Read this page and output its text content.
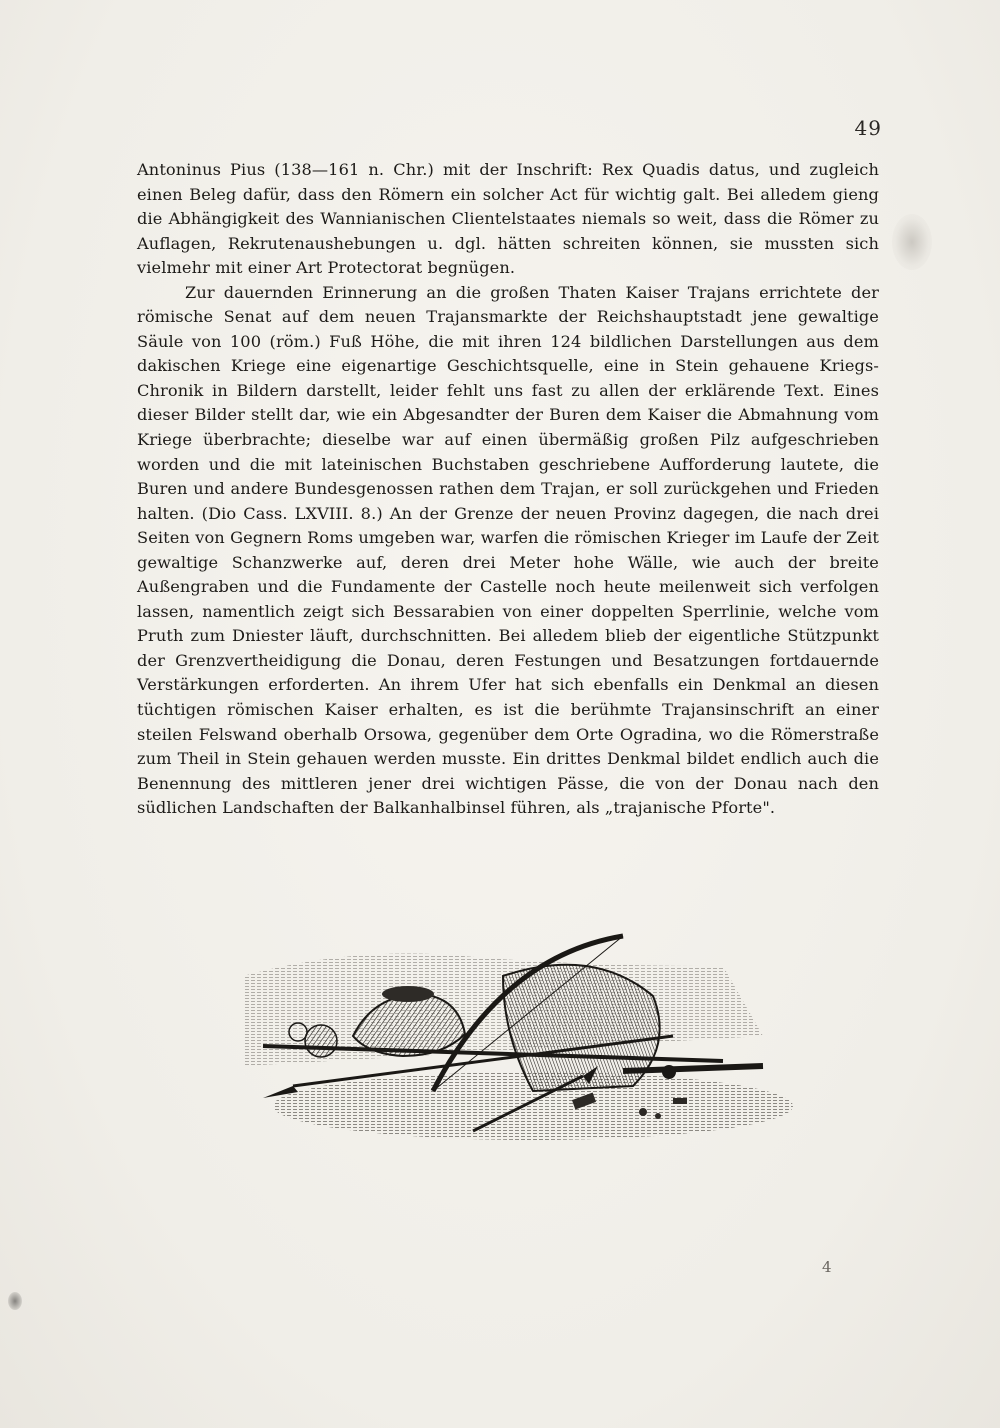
49

Antoninus Pius (138—161 n. Chr.) mit der Inschrift: Rex Quadis datus, und zugleich einen Beleg dafür, dass den Römern ein solcher Act für wichtig galt. Bei alledem gieng die Abhängigkeit des Wannianischen Clientelstaates niemals so weit, dass die Römer zu Auflagen, Rekrutenaushebungen u. dgl. hätten schreiten können, sie mussten sich vielmehr mit einer Art Protectorat begnügen.

Zur dauernden Erinnerung an die großen Thaten Kaiser Trajans errichtete der römische Senat auf dem neuen Trajansmarkte der Reichshauptstadt jene gewaltige Säule von 100 (röm.) Fuß Höhe, die mit ihren 124 bildlichen Darstellungen aus dem dakischen Kriege eine eigenartige Geschichtsquelle, eine in Stein gehauene Kriegs-Chronik in Bildern darstellt, leider fehlt uns fast zu allen der erklärende Text. Eines dieser Bilder stellt dar, wie ein Abgesandter der Buren dem Kaiser die Abmahnung vom Kriege überbrachte; dieselbe war auf einen übermäßig großen Pilz aufgeschrieben worden und die mit lateinischen Buchstaben geschriebene Aufforderung lautete, die Buren und andere Bundesgenossen rathen dem Trajan, er soll zurückgehen und Frieden halten. (Dio Cass. LXVIII. 8.) An der Grenze der neuen Provinz dagegen, die nach drei Seiten von Gegnern Roms umgeben war, warfen die römischen Krieger im Laufe der Zeit gewaltige Schanzwerke auf, deren drei Meter hohe Wälle, wie auch der breite Außengraben und die Fundamente der Castelle noch heute meilenweit sich verfolgen lassen, namentlich zeigt sich Bessarabien von einer doppelten Sperrlinie, welche vom Pruth zum Dniester läuft, durchschnitten. Bei alledem blieb der eigentliche Stützpunkt der Grenzvertheidigung die Donau, deren Festungen und Besatzungen fortdauernde Verstärkungen erforderten. An ihrem Ufer hat sich ebenfalls ein Denkmal an diesen tüchtigen römischen Kaiser erhalten, es ist die berühmte Trajansinschrift an einer steilen Felswand oberhalb Orsowa, gegenüber dem Orte Ogradina, wo die Römerstraße zum Theil in Stein gehauen werden musste. Ein drittes Denkmal bildet endlich auch die Benennung des mittleren jener drei wichtigen Pässe, die von der Donau nach den südlichen Landschaften der Balkanhalbinsel führen, als „trajanische Pforte".

4
